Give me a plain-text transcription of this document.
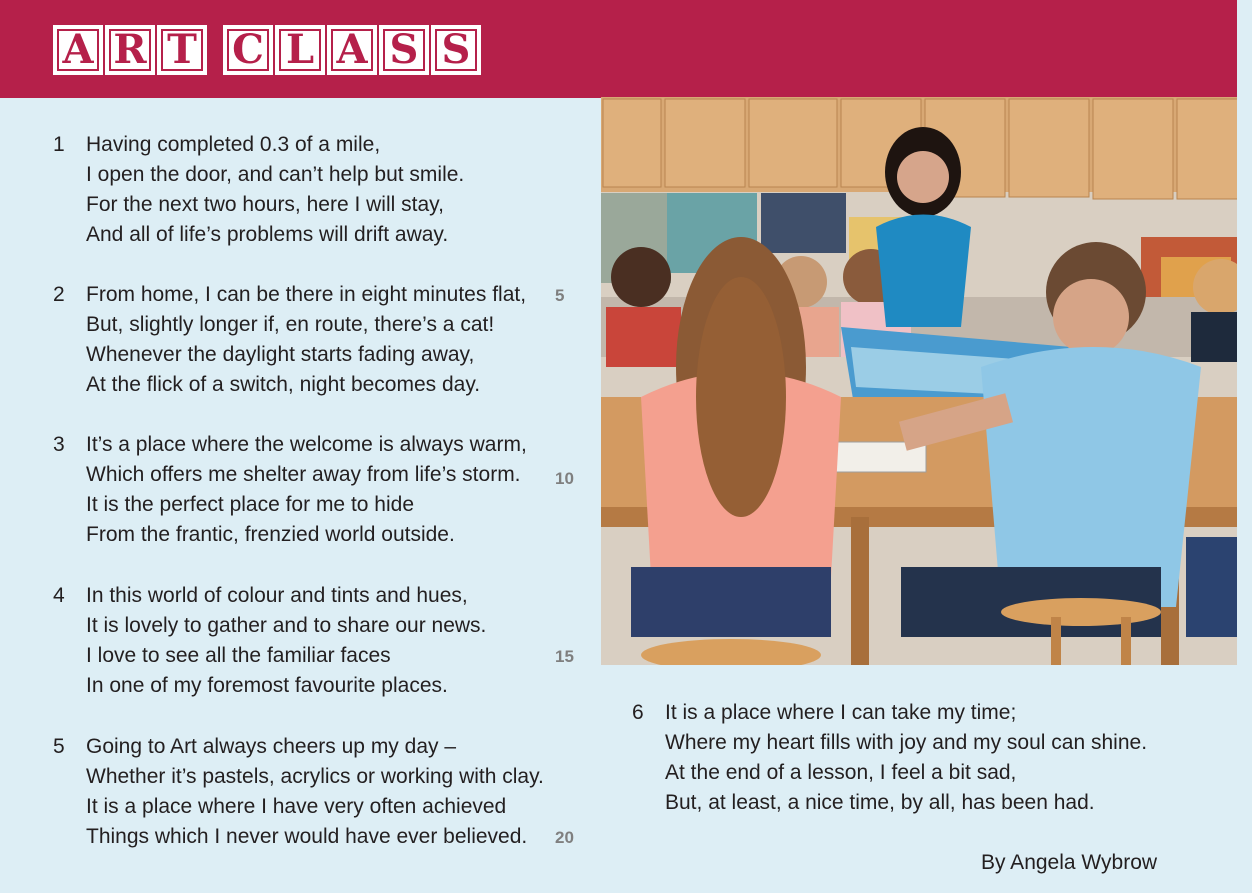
A R T C L A S S
1 Having completed 0.3 of a mile,
I open the door, and can’t help but smile.
For the next two hours, here I will stay,
And all of life’s problems will drift away.
2 From home, I can be there in eight minutes flat,
But, slightly longer if, en route, there’s a cat!
Whenever the daylight starts fading away,
At the flick of a switch, night becomes day.
5
3 It’s a place where the welcome is always warm,
Which offers me shelter away from life’s storm.
It is the perfect place for me to hide
From the frantic, frenzied world outside.
10
4 In this world of colour and tints and hues,
It is lovely to gather and to share our news.
I love to see all the familiar faces
In one of my foremost favourite places.
15
5 Going to Art always cheers up my day –
Whether it’s pastels, acrylics or working with clay.
It is a place where I have very often achieved
Things which I never would have ever believed. 20
6 It is a place where I can take my time;
Where my heart fills with joy and my soul can shine.
At the end of a lesson, I feel a bit sad,
But, at least, a nice time, by all, has been had.
By Angela Wybrow
